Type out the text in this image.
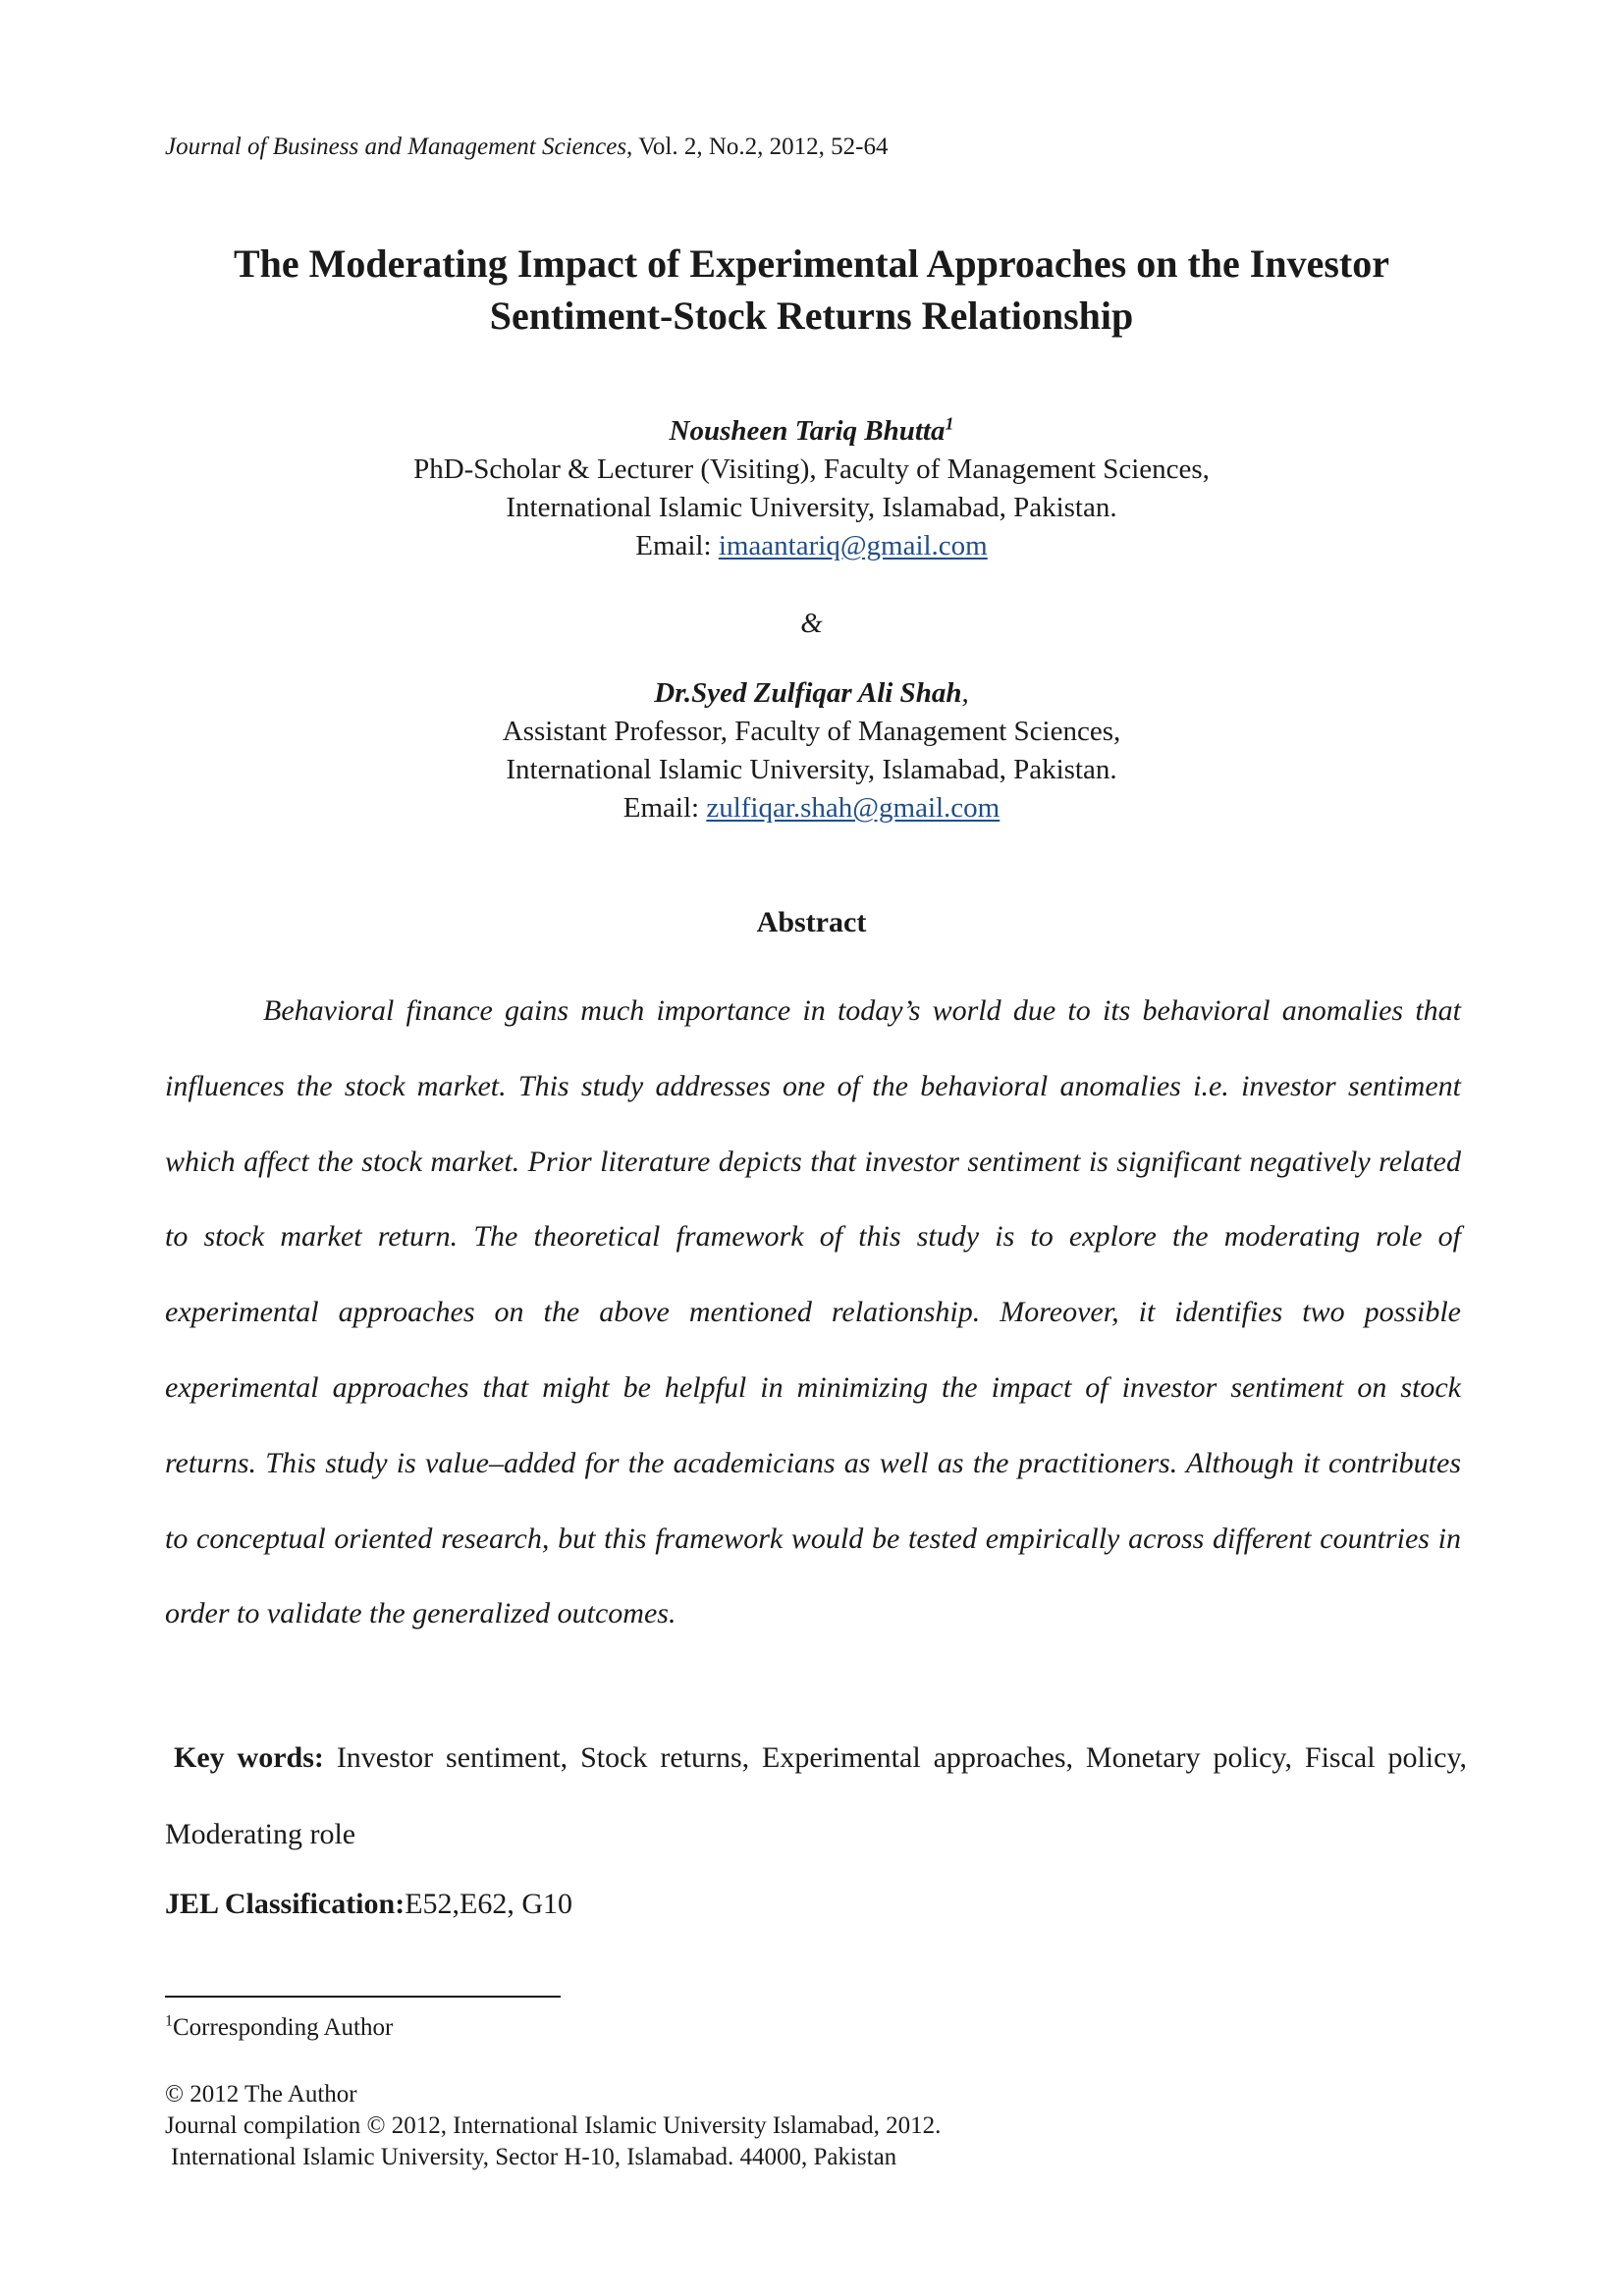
Journal of Business and Management Sciences, Vol. 2, No.2, 2012, 52-64
The Moderating Impact of Experimental Approaches on the Investor
Sentiment-Stock Returns Relationship
Nousheen Tariq Bhutta$^1$
PhD-Scholar & Lecturer (Visiting), Faculty of Management Sciences,
International Islamic University, Islamabad, Pakistan.
Email: imaantariq@gmail.com
&
Dr.Syed Zulfiqar Ali Shah,
Assistant Professor, Faculty of Management Sciences,
International Islamic University, Islamabad, Pakistan.
Email: zulfiqar.shah@gmail.com
Abstract

Behavioral finance gains much importance in today’s world due to its behavioral anomalies that influences the stock market. This study addresses one of the behavioral anomalies i.e. investor sentiment which affect the stock market. Prior literature depicts that investor sentiment is significant negatively related to stock market return. The theoretical framework of this study is to explore the moderating role of experimental approaches on the above mentioned relationship. Moreover, it identifies two possible experimental approaches that might be helpful in minimizing the impact of investor sentiment on stock returns. This study is value–added for the academicians as well as the practitioners. Although it contributes to conceptual oriented research, but this framework would be tested empirically across different countries in order to validate the generalized outcomes.

Key words: Investor sentiment, Stock returns, Experimental approaches, Monetary policy, Fiscal policy, Moderating role

JEL Classification:E52,E62, G10
$^1$Corresponding Author
© 2012 The Author
Journal compilation © 2012, International Islamic University Islamabad, 2012.
International Islamic University, Sector H-10, Islamabad. 44000, Pakistan
